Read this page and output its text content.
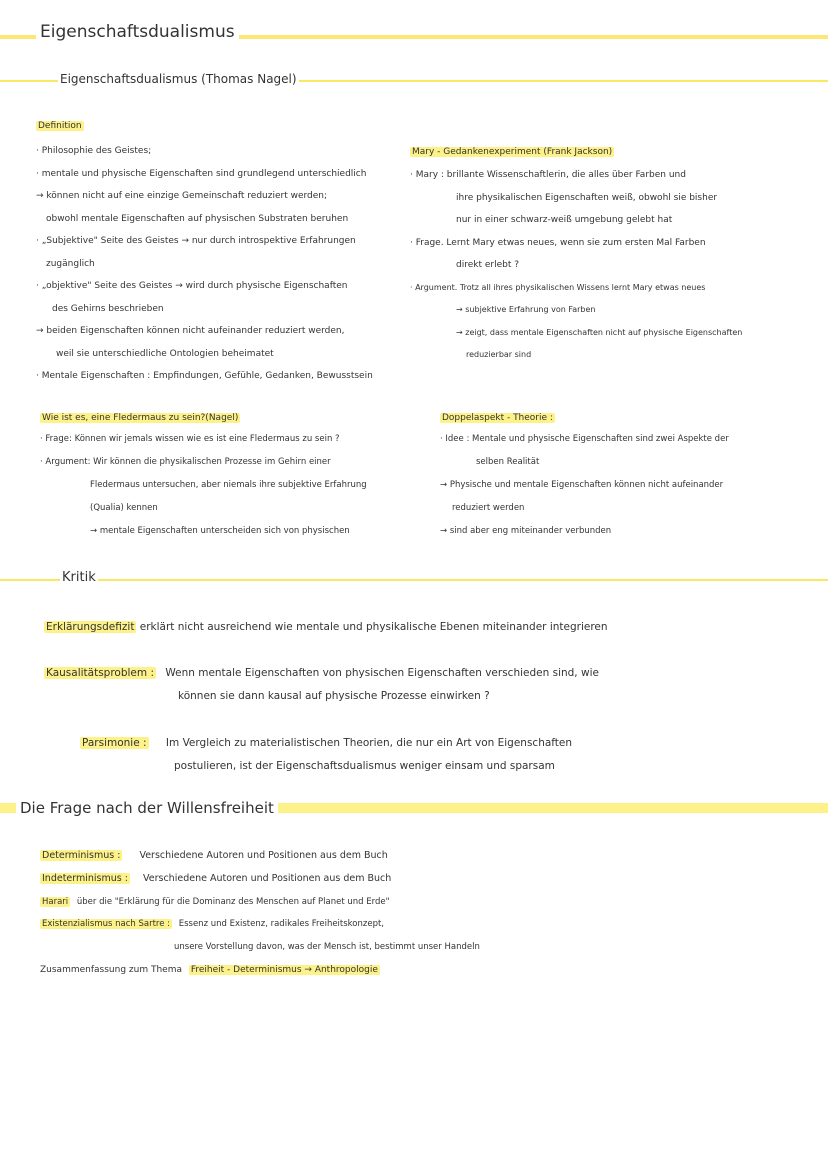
Eigenschaftsdualismus
Eigenschaftsdualismus (Thomas Nagel)
Definition
· Philosophie des Geistes;
· mentale und physische Eigenschaften sind grundlegend unterschiedlich
→ können nicht auf eine einzige Gemeinschaft reduziert werden;
obwohl mentale Eigenschaften auf physischen Substraten beruhen
· „Subjektive" Seite des Geistes → nur durch introspektive Erfahrungen
zugänglich
· „objektive" Seite des Geistes → wird durch physische Eigenschaften
des Gehirns beschrieben
→ beiden Eigenschaften können nicht aufeinander reduziert werden,
weil sie unterschiedliche Ontologien beheimatet
· Mentale Eigenschaften : Empfindungen, Gefühle, Gedanken, Bewusstsein
Mary - Gedankenexperiment (Frank Jackson)
· Mary : brillante Wissenschaftlerin, die alles über Farben und
ihre physikalischen Eigenschaften weiß, obwohl sie bisher
nur in einer schwarz-weiß umgebung gelebt hat
· Frage. Lernt Mary etwas neues, wenn sie zum ersten Mal Farben
direkt erlebt ?
· Argument. Trotz all ihres physikalischen Wissens lernt Mary etwas neues
→ subjektive Erfahrung von Farben
→ zeigt, dass mentale Eigenschaften nicht auf physische Eigenschaften
reduzierbar sind
Wie ist es, eine Fledermaus zu sein?(Nagel)
· Frage: Können wir jemals wissen wie es ist eine Fledermaus zu sein ?
· Argument: Wir können die physikalischen Prozesse im Gehirn einer
Fledermaus untersuchen, aber niemals ihre subjektive Erfahrung
(Qualia) kennen
→ mentale Eigenschaften unterscheiden sich von physischen
Doppelaspekt - Theorie :
· Idee : Mentale und physische Eigenschaften sind zwei Aspekte der
selben Realität
→ Physische und mentale Eigenschaften können nicht aufeinander
reduziert werden
→ sind aber eng miteinander verbunden
Kritik
Erklärungsdefizit erklärt nicht ausreichend wie mentale und physikalische Ebenen miteinander integrieren
Kausalitätsproblem : Wenn mentale Eigenschaften von physischen Eigenschaften verschieden sind, wie
können sie dann kausal auf physische Prozesse einwirken ?
Parsimonie : Im Vergleich zu materialistischen Theorien, die nur ein Art von Eigenschaften
postulieren, ist der Eigenschaftsdualismus weniger einsam und sparsam
Die Frage nach der Willensfreiheit
Determinismus : Verschiedene Autoren und Positionen aus dem Buch
Indeterminismus : Verschiedene Autoren und Positionen aus dem Buch
Harari über die "Erklärung für die Dominanz des Menschen auf Planet und Erde"
Existenzialismus nach Sartre : Essenz und Existenz, radikales Freiheitskonzept,
unsere Vorstellung davon, was der Mensch ist, bestimmt unser Handeln
Zusammenfassung zum Thema Freiheit - Determinismus → Anthropologie
